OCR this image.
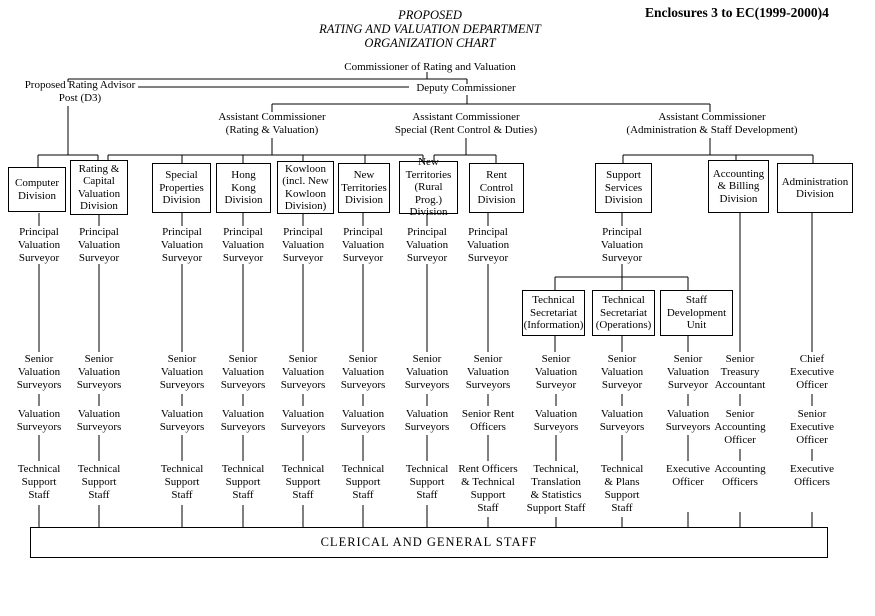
PROPOSED
RATING AND VALUATION DEPARTMENT
ORGANIZATION CHART
Enclosures 3 to EC(1999-2000)4
Commissioner of Rating and Valuation
Deputy Commissioner
Proposed Rating Advisor
Post (D3)
Assistant Commissioner
(Rating & Valuation)
Assistant Commissioner
Special (Rent Control & Duties)
Assistant Commissioner
(Administration & Staff Development)
Computer
Division
Rating &
Capital
Valuation
Division
Special
Properties
Division
Hong
Kong
Division
Kowloon
(incl. New
Kowloon
Division)
New
Territories
Division
New
Territories
(Rural Prog.)
Division
Rent
Control
Division
Support
Services
Division
Accounting
& Billing
Division
Administration
Division
Technical
Secretariat
(Information)
Technical
Secretariat
(Operations)
Staff
Development
Unit
Principal
Valuation
Surveyor
Principal
Valuation
Surveyor
Principal
Valuation
Surveyor
Principal
Valuation
Surveyor
Principal
Valuation
Surveyor
Principal
Valuation
Surveyor
Principal
Valuation
Surveyor
Principal
Valuation
Surveyor
Principal
Valuation
Surveyor
Senior
Valuation
Surveyors
Senior
Valuation
Surveyors
Senior
Valuation
Surveyors
Senior
Valuation
Surveyors
Senior
Valuation
Surveyors
Senior
Valuation
Surveyors
Senior
Valuation
Surveyors
Senior
Valuation
Surveyors
Senior
Valuation
Surveyor
Senior
Valuation
Surveyor
Senior
Valuation
Surveyor
Senior
Treasury
Accountant
Chief
Executive
Officer
Valuation
Surveyors
Valuation
Surveyors
Valuation
Surveyors
Valuation
Surveyors
Valuation
Surveyors
Valuation
Surveyors
Valuation
Surveyors
Senior Rent
Officers
Valuation
Surveyors
Valuation
Surveyors
Valuation
Surveyors
Senior
Accounting
Officer
Senior
Executive
Officer
Technical
Support
Staff
Technical
Support
Staff
Technical
Support
Staff
Technical
Support
Staff
Technical
Support
Staff
Technical
Support
Staff
Technical
Support
Staff
Rent Officers
& Technical
Support
Staff
Technical,
Translation
& Statistics
Support Staff
Technical
& Plans
Support
Staff
Executive
Officer
Accounting
Officers
Executive
Officers
CLERICAL AND GENERAL STAFF
